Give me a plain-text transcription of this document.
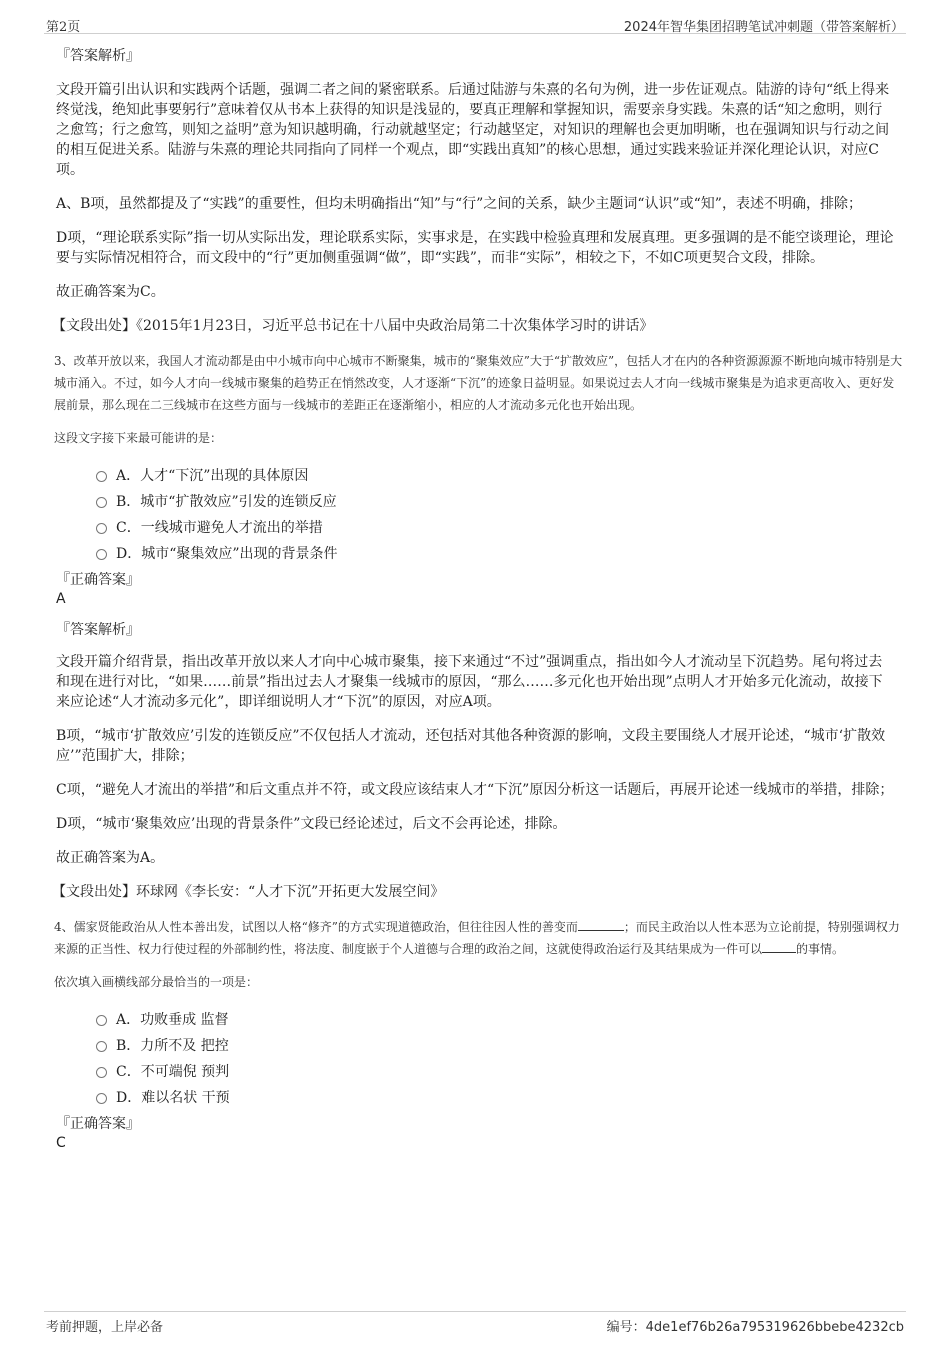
第2页	2024年智华集团招聘笔试冲刺题（带答案解析）
『答案解析』
文段开篇引出认识和实践两个话题，强调二者之间的紧密联系。后通过陆游与朱熹的名句为例，进一步佐证观点。陆游的诗句“纸上得来终觉浅，绝知此事要躬行”意味着仅从书本上获得的知识是浅显的，要真正理解和掌握知识，需要亲身实践。朱熹的话“知之愈明，则行之愈笃；行之愈笃，则知之益明”意为知识越明确，行动就越坚定；行动越坚定，对知识的理解也会更加明晰，也在强调知识与行动之间的相互促进关系。陆游与朱熹的理论共同指向了同样一个观点，即“实践出真知”的核心思想，通过实践来验证并深化理论认识，对应C项。
A、B项，虽然都提及了“实践”的重要性，但均未明确指出“知”与“行”之间的关系，缺少主题词“认识”或“知”，表述不明确，排除；
D项，“理论联系实际”指一切从实际出发，理论联系实际，实事求是，在实践中检验真理和发展真理。更多强调的是不能空谈理论，理论要与实际情况相符合，而文段中的“行”更加侧重强调“做”，即“实践”，而非“实际”，相较之下，不如C项更契合文段，排除。
故正确答案为C。
【文段出处】《2015年1月23日，习近平总书记在十八届中央政治局第二十次集体学习时的讲话》
3、改革开放以来，我国人才流动都是由中小城市向中心城市不断聚集，城市的“聚集效应”大于“扩散效应”，包括人才在内的各种资源源源不断地向城市特别是大城市涌入。不过，如今人才向一线城市聚集的趋势正在悄然改变，人才逐渐“下沉”的迹象日益明显。如果说过去人才向一线城市聚集是为追求更高收入、更好发展前景，那么现在二三线城市在这些方面与一线城市的差距正在逐渐缩小，相应的人才流动多元化也开始出现。
这段文字接下来最可能讲的是：
A．人才“下沉”出现的具体原因
B．城市“扩散效应”引发的连锁反应
C．一线城市避免人才流出的举措
D．城市“聚集效应”出现的背景条件
『正确答案』
A
『答案解析』
文段开篇介绍背景，指出改革开放以来人才向中心城市聚集，接下来通过“不过”强调重点，指出如今人才流动呈下沉趋势。尾句将过去和现在进行对比，“如果……前景”指出过去人才聚集一线城市的原因，“那么……多元化也开始出现”点明人才开始多元化流动，故接下来应论述“人才流动多元化”，即详细说明人才“下沉”的原因，对应A项。
B项，“城市‘扩散效应’引发的连锁反应”不仅包括人才流动，还包括对其他各种资源的影响，文段主要围绕人才展开论述，“城市‘扩散效应’”范围扩大，排除；
C项，“避免人才流出的举措”和后文重点并不符，或文段应该结束人才“下沉”原因分析这一话题后，再展开论述一线城市的举措，排除；
D项，“城市‘聚集效应’出现的背景条件”文段已经论述过，后文不会再论述，排除。
故正确答案为A。
【文段出处】环球网《李长安：“人才下沉”开拓更大发展空间》
4、儒家贤能政治从人性本善出发，试图以人格“修齐”的方式实现道德政治，但往往因人性的善变而	；而民主政治以人性本恶为立论前提，特别强调权力来源的正当性、权力行使过程的外部制约性，将法度、制度嵌于个人道德与合理的政治之间，这就使得政治运行及其结果成为一件可以	的事情。
依次填入画横线部分最恰当的一项是：
A．功败垂成 监督
B．力所不及 把控
C．不可端倪 预判
D．难以名状 干预
『正确答案』
C
考前押题，上岸必备	编号：4de1ef76b26a795319626bbebe4232cb
